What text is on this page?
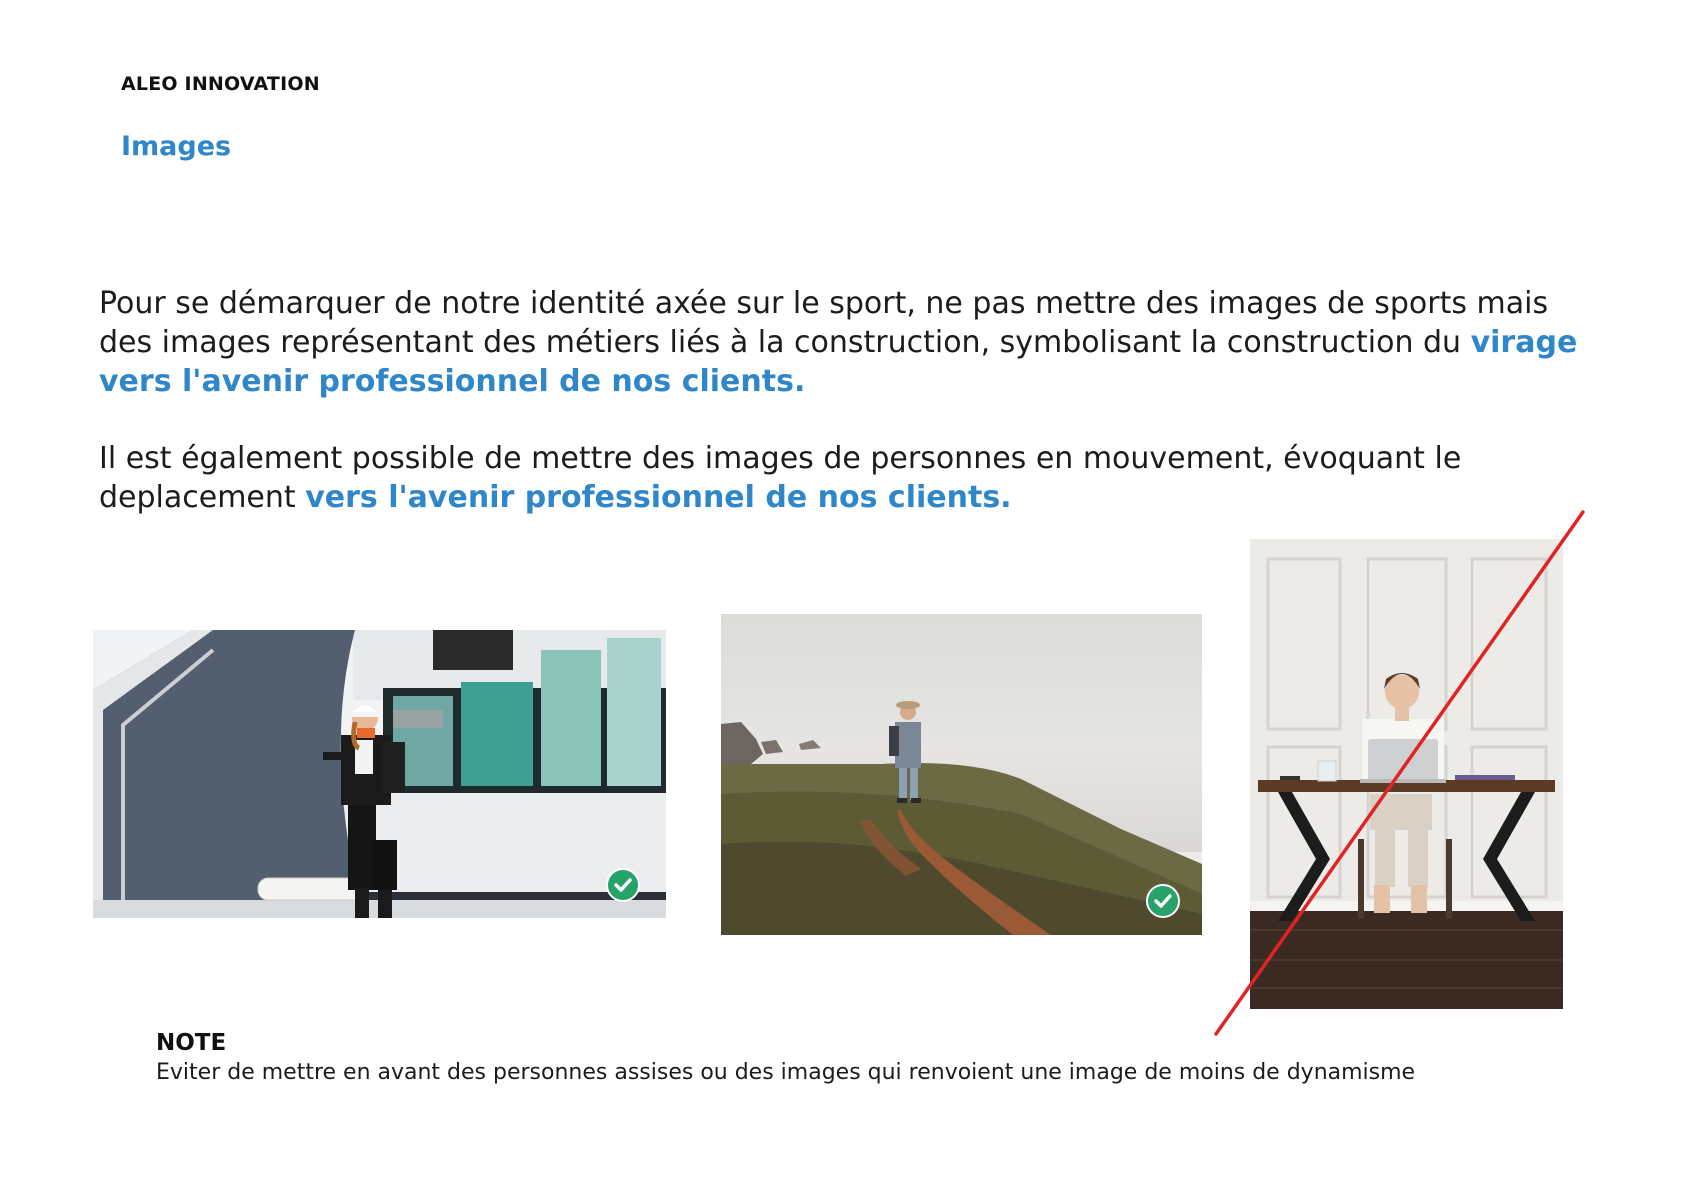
ALEO INNOVATION
Images

Pour se démarquer de notre identité axée sur le sport, ne pas mettre des images de sports mais des images représentant des métiers liés à la construction, symbolisant la construction du virage vers l'avenir professionnel de nos clients.

Il est également possible de mettre des images de personnes en mouvement, évoquant le deplacement vers l'avenir professionnel de nos clients.

NOTE
Eviter de mettre en avant des personnes assises ou des images qui renvoient une image de moins de dynamisme
